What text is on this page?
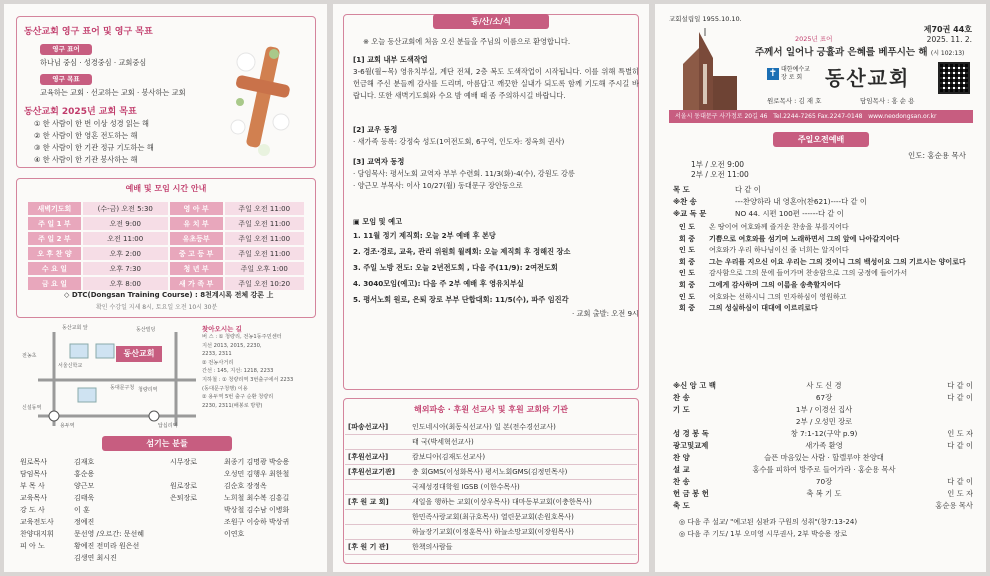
동산교회 영구 표어 및 영구 목표
영구 표어
하나님 중심 · 성경중심 · 교회중심
영구 목표
교육하는 교회 · 선교하는 교회 · 봉사하는 교회
동산교회 2025년 교회 목표
① 한 사람이 한 번 이상 성경 읽는 해
② 한 사람이 한 영혼 전도하는 해
③ 한 사람이 한 기관 정규 기도하는 해
④ 한 사람이 한 기관 봉사하는 해
예배 및 모임 시간 안내
새벽기도회	(수-금) 오전 5:30	영 아 부	주일 오전 11:00
주 일 1 부	오전 9:00	유 치 부	주일 오전 11:00
주 일 2 부	오전 11:00	유초등부	주일 오전 11:00
오 후 찬 양	오후 2:00	중 고 등 부	주일 오전 11:00
수 요 일	오후 7:30	청 년 부	주일 오후 1:00
금 요 일	오후 8:00	새 가 족 부	주일 오전 10:20
◇ DTC(Dongsan Training Course) : 8천계시록 전체 강론 上
확인 수강일 지세 8시, 토요일 오전 10시 30분
동산교회
동산교회 앞	동산빌딩
서울신학교
동대문구청 청량리역
용두역	답십리역
전농초
신설동역
찾아오시는 길
버 스 : ① 청량리, 전농1동주민센터
지선 2013, 2015, 2230,
2233, 2311
② 전농사거리
간선 : 145, 지선: 1218, 2233
지하철 : ① 청량리역 3번출구에서 2233
(동대문구청행) 이용
② 용두역 5번 출구 순환 청량리
2230, 2311(배봉로 방향)
섬기는 분들
원로목사	김재호
담임목사	홍순용
부 목 사	양근모
교육목사	김태욱
강 도 사	이 훈
교육전도사	정예진
찬양대지휘	문선영 /오르간: 문선혜
피 아 노	황예진 전미라 원은선
김생연 최시진
시무장로	최종기 김명광 박승용
오성민 김행우 최한철
원로장로	김순호 장정옥
은퇴장로	노희철 최수복 김흥길
박상철 김수남 이병화
조원구 이승하 박상귀
이연호
동/산/소/식
※ 오늘 동산교회에 처음 오신 분들을 주님의 이름으로 환영합니다.
[1] 교회 내부 도색작업
3-6월(월~목) 영유치부실, 계단 전체, 2층 복도 도색작업이 시작됩니다. 이를 위해 특별히 헌금해 주신 분들께 감사를 드리며, 아름답고 깨끗한 실내가 되도록 함께 기도해 주시길 바랍니다. 또한 새벽기도회와 수요 밤 예배 때 좀 주의하시길 바랍니다.
[2] 교우 동정
· 새가족 등록: 강정숙 성도(1여전도회, 6구역, 인도자: 정옥희 권사)
[3] 교역자 동정
· 담임목사: 평서노회 교역자 부부 수련회. 11/3(화)-4(수), 강원도 강릉
· 양근모 부목사: 이사 10/27(월) 동대문구 장안동으로
▣ 모임 및 예고
1. 11월 정기 제직회: 오늘 2부 예배 후 본당
2. 경조·경로, 교육, 관리 위원회 월례회: 오늘 제직회 후 정해진 장소
3. 주일 노방 전도: 오늘 2년전도회 , 다음 주(11/9): 2여전도회
4. 3040모임(예고): 다음 주 2부 예배 후 영유치부실
5. 평서노회 원로, 은퇴 장로 부부 단합대회: 11/5(수), 파주 임진각
· 교회 출발: 오전 9시
해외파송 · 후원 선교사 및 후원 교회와 기관
[파송선교사]	인도네시아(최동식선교사) 일 본(전수경선교사)
	태 국(박세혁선교사)
[후원선교사]	캄보디아(김재도선교사)
[후원선교기관]	충 회GMS(이성화목사) 평서노회GMS(김정민목사)
	국제성경대학원 IGSB (이한수목사)
[후 원 교 회]	새일을 행하는 교회(이상우목사) 대마동부교회(이충한목사)
	한민족사랑교회(최규호목사) 열린문교회(손원호목사)
	하늘장기교회(이정훈목사) 하늘소망교회(이장원목사)
[후 원 기 관]	한책의사람들
교회설립일 1955.10.10.
제70권 44호
2025. 11. 2.
2025년 표어
주께서 일어나 긍휼과 은혜를 베푸시는 해 (시 102:13)
✝ 대한예수교
장 로 회	동산교회
원로목사 : 김 재 호	담임목사 : 홍 순 용
서울시 동대문구 사가정로 20길 46 Tel.2244-7265 Fax.2247-0148 www.neodongsan.or.kr
주일오전예배
인도: 홍순용 목사
1부 / 오전 9:00
2부 / 오전 11:00
목 도	다 같 이
※찬 송	---찬양하라 내 영혼아(찬621)----다 같 이
※교 독 문	NO 44. 시편 100편 ------다 같 이
인 도	온 땅이여 여호와께 즐거운 찬송을 부를지어다
회 중	기쁨으로 여호와를 섬기며 노래하면서 그의 앞에 나아갈지어다
인 도	여호와가 우리 하나님이신 줄 너희는 알지어다
회 중	그는 우리를 지으신 이요 우리는 그의 것이니 그의 백성이요 그의 기르시는 양이로다
인 도	감사함으로 그의 문에 들어가며 찬송함으로 그의 궁정에 들어가서
회 중	그에게 감사하며 그의 이름을 송축할지어다
인 도	여호와는 선하시니 그의 인자하심이 영원하고
회 중	그의 성실하심이 대대에 이르리로다
※신 앙 고 백	사 도 신 경	다 같 이
찬 송	67장	다 같 이
기 도	1부 / 이경선 집사
2부 / 오성민 장로
성 경 봉 독	창 7:1-12(구약 p.9)	인 도 자
광고및교제	새가족 환영	다 같 이
찬 양	슬픈 마음있는 사람 · 할렐루야 찬양대
설 교	홍수를 피하여 방주로 들어가라 · 홍순용 목사
찬 송	70장	다 같 이
헌 금 봉 헌	축 복 기 도	인 도 자
축 도	홍순용 목사
◎ 다음 주 설교/ "예고된 심판과 구원의 성취"(창7:13-24)
◎ 다음 주 기도/ 1부 오미영 시무권사, 2부 박승용 장로
